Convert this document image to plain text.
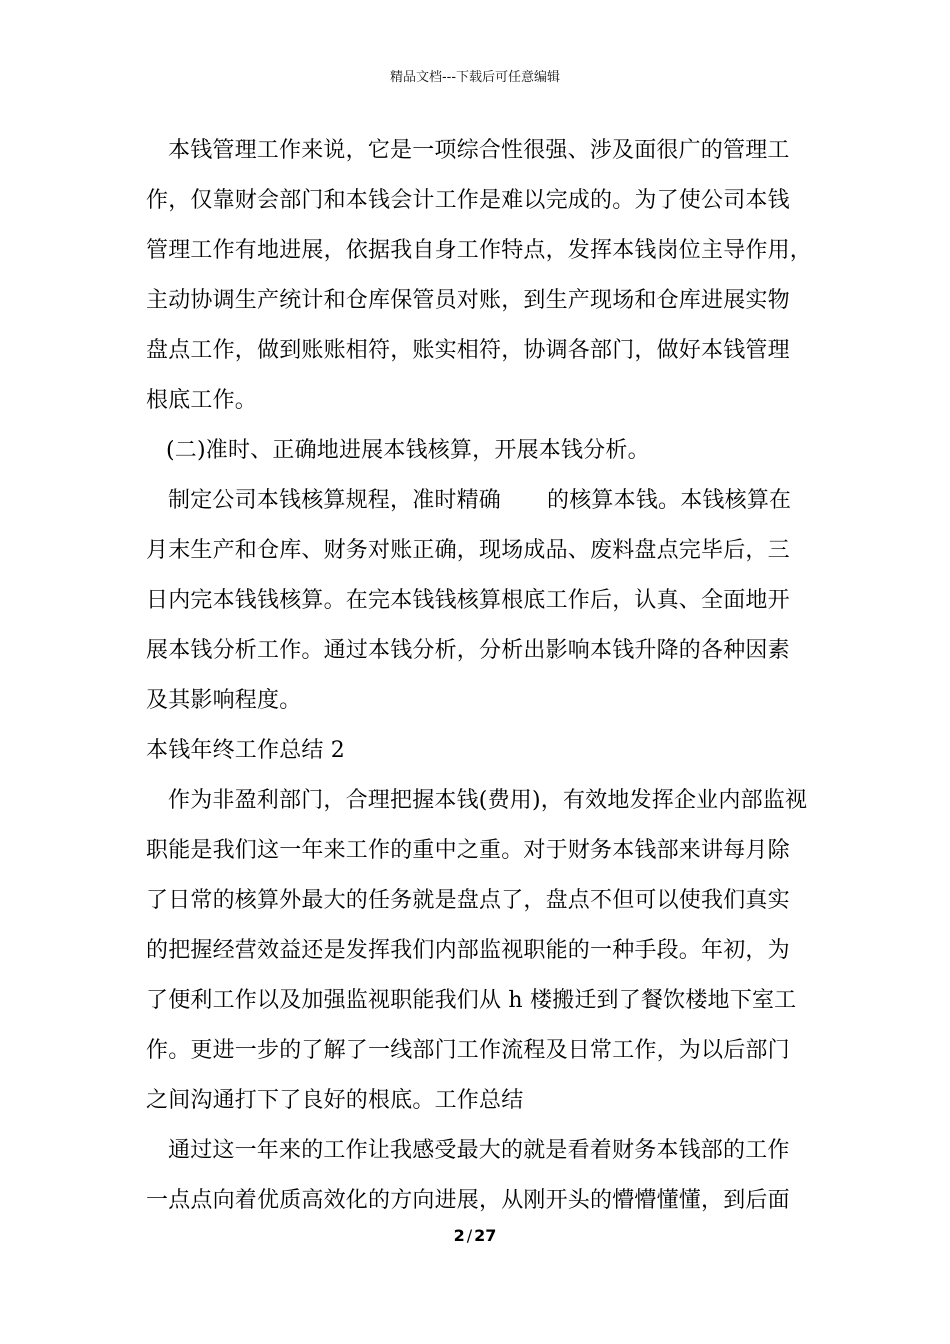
精品文档---下载后可任意编辑
本钱管理工作来说，它是一项综合性很强、涉及面很广的管理工
作，仅靠财会部门和本钱会计工作是难以完成的。为了使公司本钱
管理工作有地进展，依据我自身工作特点，发挥本钱岗位主导作用，
主动协调生产统计和仓库保管员对账，到生产现场和仓库进展实物
盘点工作，做到账账相符，账实相符，协调各部门，做好本钱管理
根底工作。
(二)准时、正确地进展本钱核算，开展本钱分析。
制定公司本钱核算规程，准时精确 的核算本钱。本钱核算在
月末生产和仓库、财务对账正确，现场成品、废料盘点完毕后，三
日内完本钱钱核算。在完本钱钱核算根底工作后，认真、全面地开
展本钱分析工作。通过本钱分析，分析出影响本钱升降的各种因素
及其影响程度。
本钱年终工作总结 2
作为非盈利部门，合理把握本钱(费用)，有效地发挥企业内部监视
职能是我们这一年来工作的重中之重。对于财务本钱部来讲每月除
了日常的核算外最大的任务就是盘点了，盘点不但可以使我们真实
的把握经营效益还是发挥我们内部监视职能的一种手段。年初，为
了便利工作以及加强监视职能我们从 h 楼搬迁到了餐饮楼地下室工
作。更进一步的了解了一线部门工作流程及日常工作，为以后部门
之间沟通打下了良好的根底。工作总结
通过这一年来的工作让我感受最大的就是看着财务本钱部的工作
一点点向着优质高效化的方向进展，从刚开头的懵懵懂懂，到后面
2 / 27
